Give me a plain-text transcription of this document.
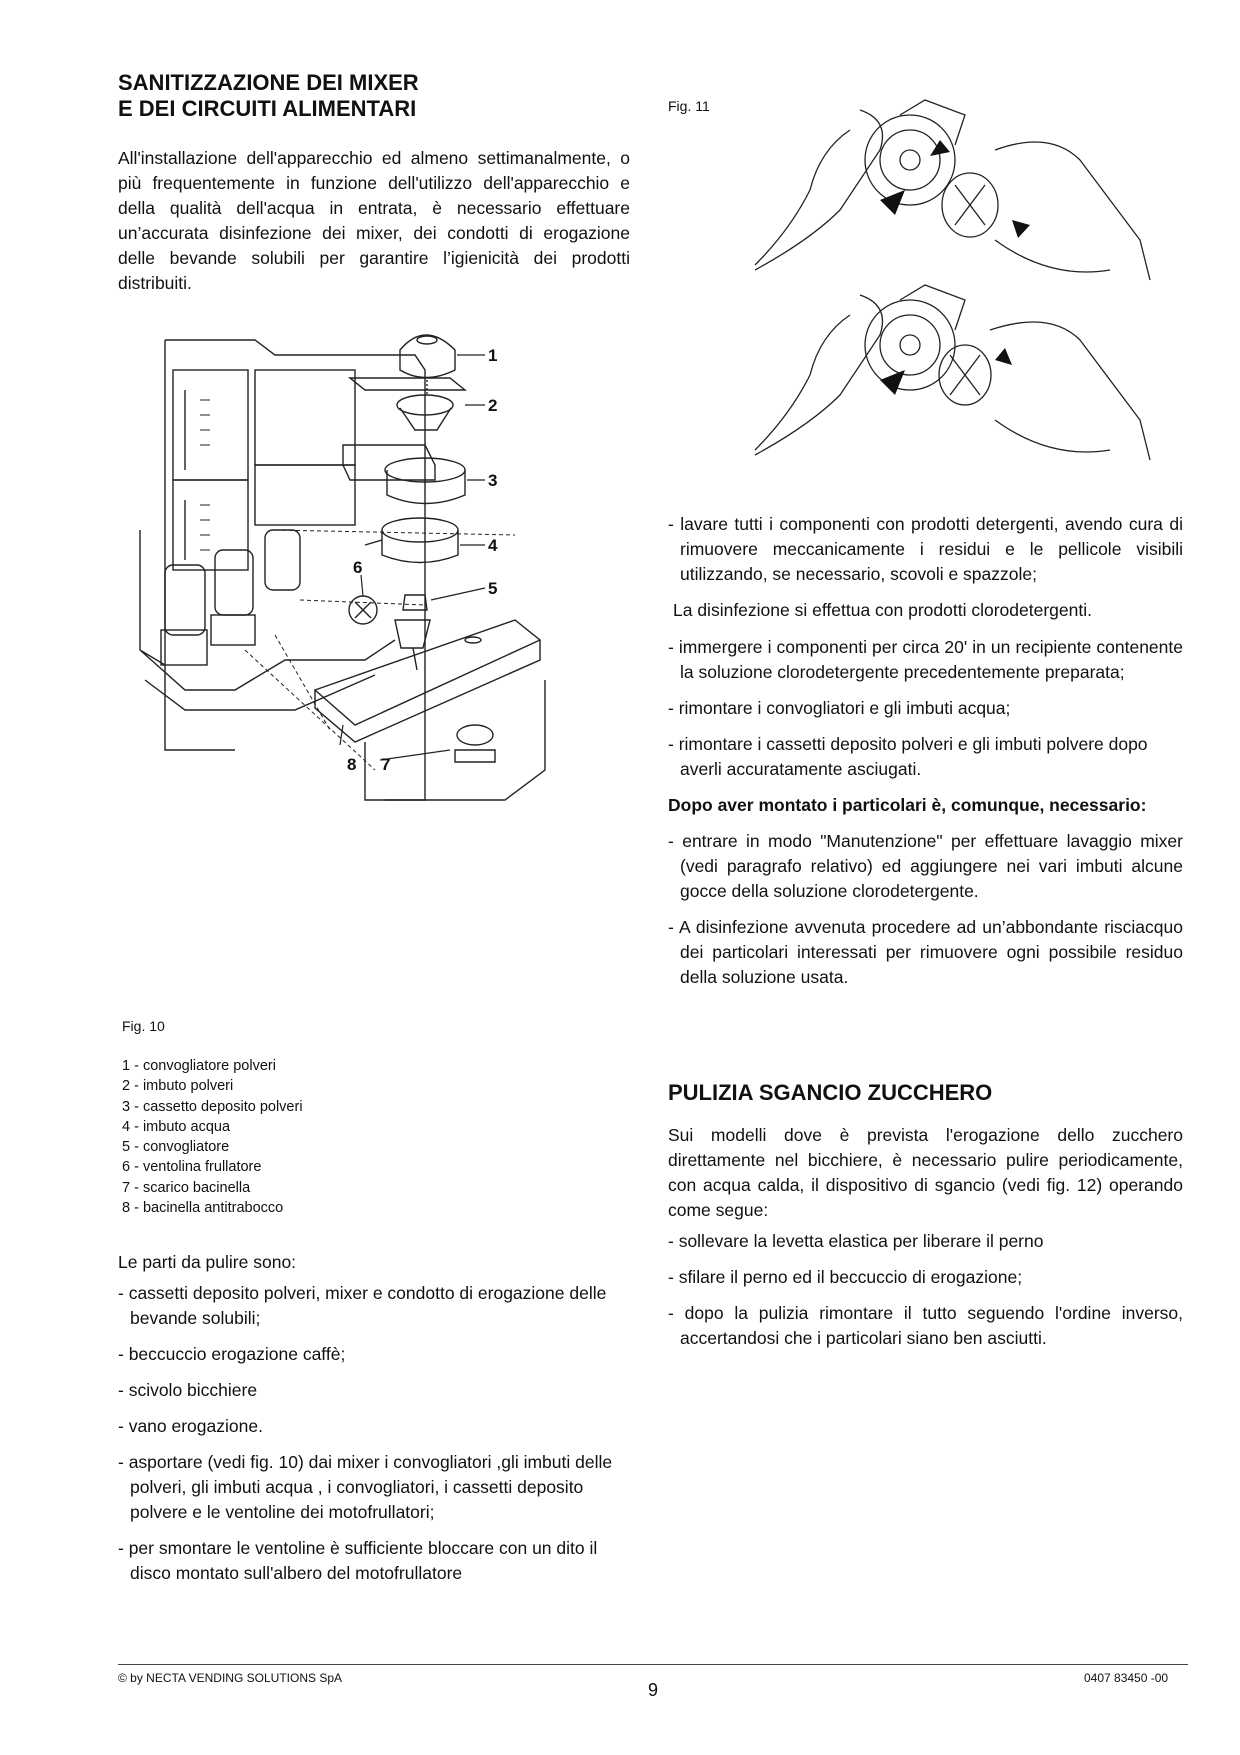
SANITIZZAZIONE DEI MIXER
E DEI CIRCUITI ALIMENTARI

All'installazione dell'apparecchio ed almeno settimanalmente, o più frequentemente in funzione dell'utilizzo dell'apparecchio e della qualità dell'acqua in entrata, è necessario effettuare un’accurata disinfezione dei mixer, dei condotti di erogazione delle bevande solubili per garantire l’igienicità dei prodotti distribuiti.

1
2
3
4
5
6
7
8
Fig. 10
1 - convogliatore polveri
2 - imbuto polveri
3 - cassetto deposito polveri
4 - imbuto acqua
5 - convogliatore
6 - ventolina frullatore
7 - scarico bacinella
8 - bacinella antitrabocco

Le parti da pulire sono:

- cassetti deposito polveri, mixer e condotto di erogazione delle bevande solubili;

- beccuccio erogazione caffè;

- scivolo bicchiere

- vano erogazione.

- asportare (vedi fig. 10) dai mixer i convogliatori ,gli imbuti delle polveri, gli imbuti acqua , i convogliatori, i cassetti deposito polvere e le ventoline dei motofrullatori;

- per smontare le ventoline è sufficiente bloccare con un dito il disco montato sull'albero del motofrullatore

Fig. 11

- lavare tutti i componenti con prodotti detergenti, avendo cura di rimuovere meccanicamente i residui e le pellicole visibili utilizzando, se necessario, scovoli e spazzole;

La disinfezione si effettua con prodotti clorodetergenti.

- immergere i componenti per circa 20' in un recipiente contenente la soluzione clorodetergente precedentemente preparata;

- rimontare i convogliatori e gli imbuti acqua;

- rimontare i cassetti deposito polveri e gli imbuti polvere dopo averli accuratamente asciugati.

Dopo aver montato i particolari è, comunque, necessario:

- entrare in modo "Manutenzione" per effettuare lavaggio mixer (vedi paragrafo relativo) ed aggiungere nei vari imbuti alcune gocce della soluzione clorodetergente.

- A disinfezione avvenuta procedere ad un’abbondante risciacquo dei particolari interessati per rimuovere ogni possibile residuo della soluzione usata.

PULIZIA SGANCIO ZUCCHERO

Sui modelli dove è prevista l'erogazione dello zucchero direttamente nel bicchiere, è necessario pulire periodicamente, con acqua calda, il dispositivo di sgancio (vedi fig. 12) operando come segue:

- sollevare la levetta elastica per liberare il perno

- sfilare il perno ed il beccuccio di erogazione;

- dopo la pulizia rimontare il tutto seguendo l'ordine inverso, accertandosi che i particolari siano ben asciutti.

© by NECTA VENDING SOLUTIONS SpA
9
0407 83450 -00
